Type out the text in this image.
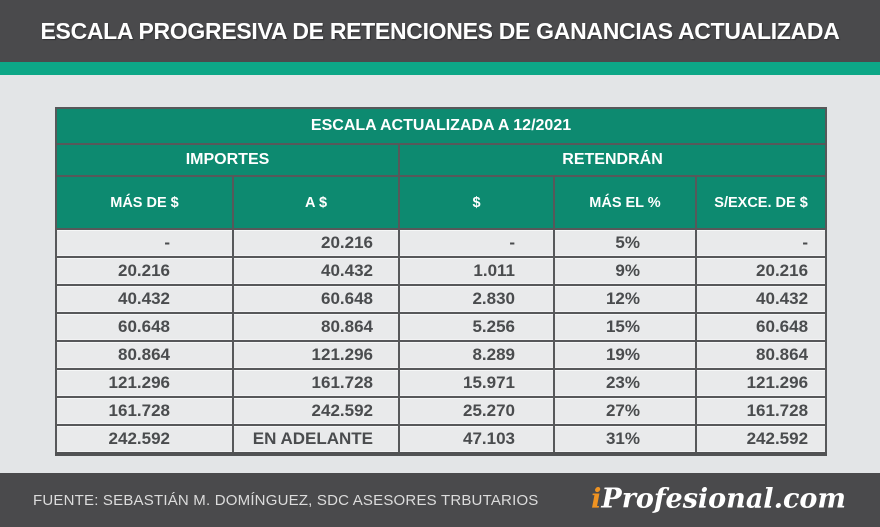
ESCALA PROGRESIVA DE RETENCIONES DE GANANCIAS ACTUALIZADA
ESCALA ACTUALIZADA A 12/2021				
IMPORTES		RETENDRÁN		
MÁS DE $	A $	$	MÁS EL %	S/EXCE. DE $
-	20.216	-	5%	-
20.216	40.432	1.011	9%	20.216
40.432	60.648	2.830	12%	40.432
60.648	80.864	5.256	15%	60.648
80.864	121.296	8.289	19%	80.864
121.296	161.728	15.971	23%	121.296
161.728	242.592	25.270	27%	161.728
242.592	EN ADELANTE	47.103	31%	242.592
FUENTE: SEBASTIÁN M. DOMÍNGUEZ, SDC ASESORES TRBUTARIOS iProfesional.com
